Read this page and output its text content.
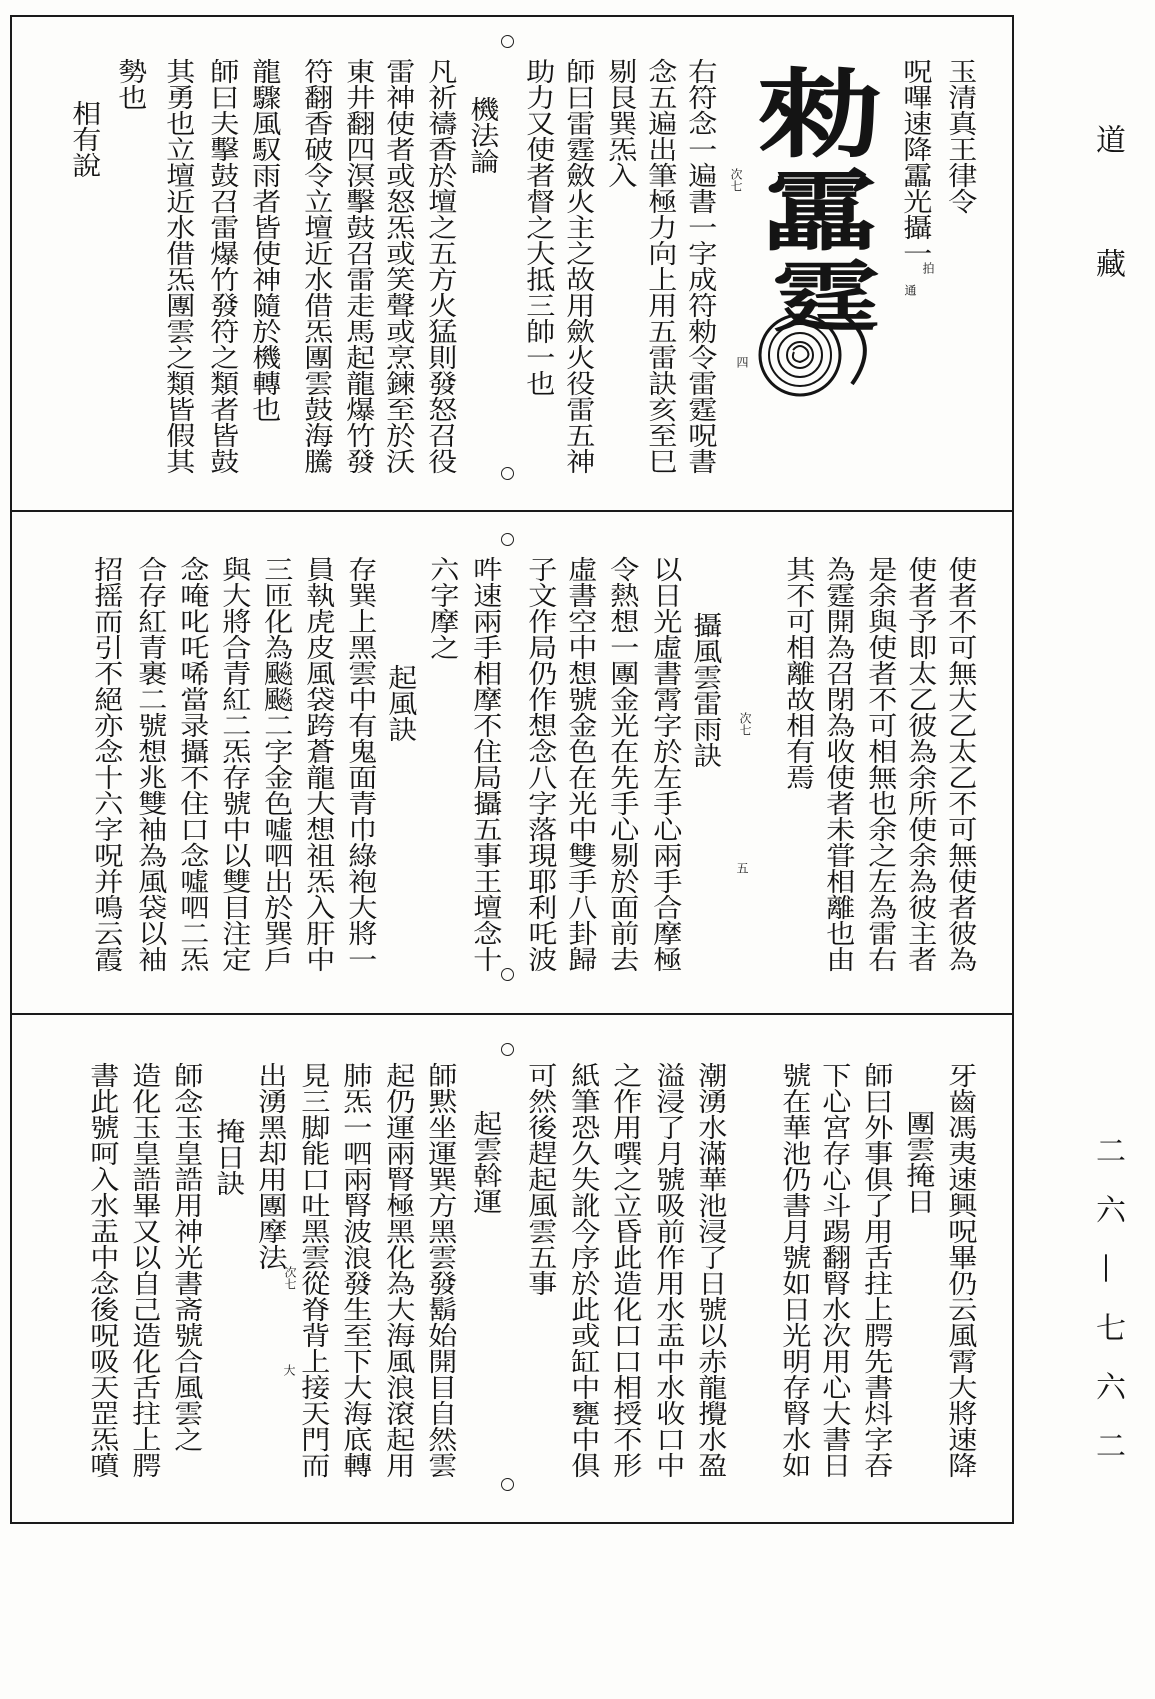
道
藏
二六—七六二
玉清真王律令
呪嗶速降靁光攝一
拍
通
勑
靁
霆
次七
四
右符念一遍書一字成符勑令雷霆呪書
念五遍出筆極力向上用五雷訣亥至巳
剔艮巽炁入
師曰雷霆斂火主之故用歛火役雷五神
助力又使者督之大抵三帥一也
機法論
凡祈禱香於壇之五方火猛則發怒召役
雷神使者或怒炁或笑聲或烹鍊至於沃
東井翻四溟擊鼓召雷走馬起龍爆竹發
符翻香破令立壇近水借炁團雲鼓海騰
龍驟風馭雨者皆使神隨於機轉也
師曰夫擊鼓召雷爆竹發符之類者皆鼓
其勇也立壇近水借炁團雲之類皆假其
勢也
相有說
使者不可無大乙太乙不可無使者彼為
使者予即太乙彼為余所使余為彼主者
是余與使者不可相無也余之左為雷右
為霆開為召閉為收使者未甞相離也由
其不可相離故相有焉
次七
五
攝風雲雷雨訣
以日光虛書霄字於左手心兩手合摩極
令熱想一團金光在先手心剔於面前去
虛書空中想號金色在光中雙手八卦歸
子文作局仍作想念八字落現耶利吒波
吽速兩手相摩不住局攝五事王壇念十
六字摩之
起風訣
存巽上黑雲中有鬼面青巾綠袍大將一
員執虎皮風袋跨蒼龍大想祖炁入肝中
三匝化為飈飈二字金色噓呬出於巽戶
與大將合青紅二炁存號中以雙目注定
念唵叱吒唏當录攝不住口念噓呬二炁
合存紅青裹二號想兆雙袖為風袋以袖
招摇而引不絕亦念十六字呪并鳴云霞
牙齒馮夷速興呪畢仍云風霄大將速降
團雲掩日
師曰外事俱了用舌拄上腭先書炓字吞
下心宮存心斗踢翻腎水次用心大書日
號在華池仍書月號如日光明存腎水如
潮湧水滿華池浸了日號以赤龍攪水盈
溢浸了月號吸前作用水盂中水收口中
之作用噀之立昏此造化口口相授不形
紙筆恐久失訛今序於此或缸中甕中俱
可然後趕起風雲五事
起雲斡運
師黙坐運巽方黑雲發鬍始開目自然雲
起仍運兩腎極黑化為大海風浪滾起用
肺炁一呬兩腎波浪發生至下大海底轉
見三脚能口吐黑雲從脊背上接天門而
次七
大
出湧黑却用團摩法
掩日訣
師念玉皇誥用神光書斋號合風雲之
造化玉皇誥畢又以自己造化舌拄上腭
書此號呵入水盂中念後呪吸天罡炁噴
